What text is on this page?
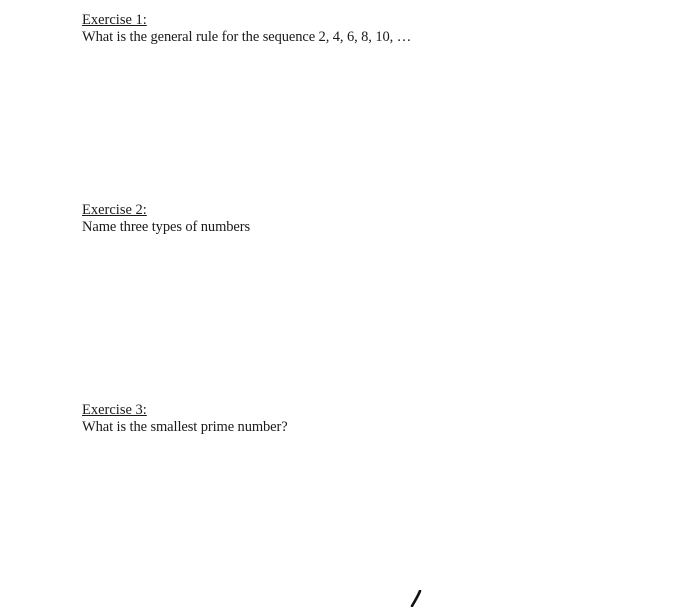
Exercise 1:
What is the general rule for the sequence 2, 4, 6, 8, 10, …
Exercise 2:
Name three types of numbers
Exercise 3:
What is the smallest prime number?
